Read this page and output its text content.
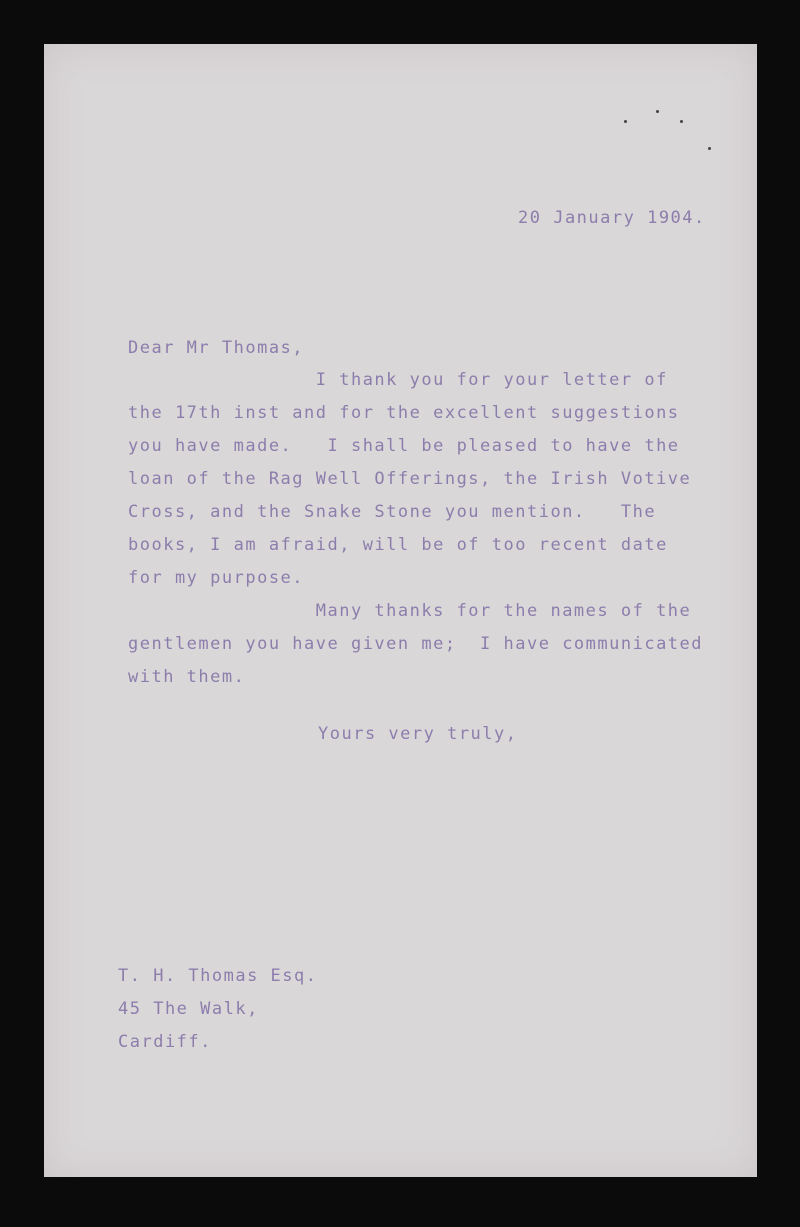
20 January 1904.
Dear Mr Thomas,

I thank you for your letter of

the 17th inst and for the excellent suggestions

you have made.   I shall be pleased to have the

loan of the Rag Well Offerings, the Irish Votive

Cross, and the Snake Stone you mention.   The

books, I am afraid, will be of too recent date

for my purpose.

Many thanks for the names of the

gentlemen you have given me;  I have communicated

with them.

Yours very truly,

T. H. Thomas Esq.

45 The Walk,

Cardiff.
